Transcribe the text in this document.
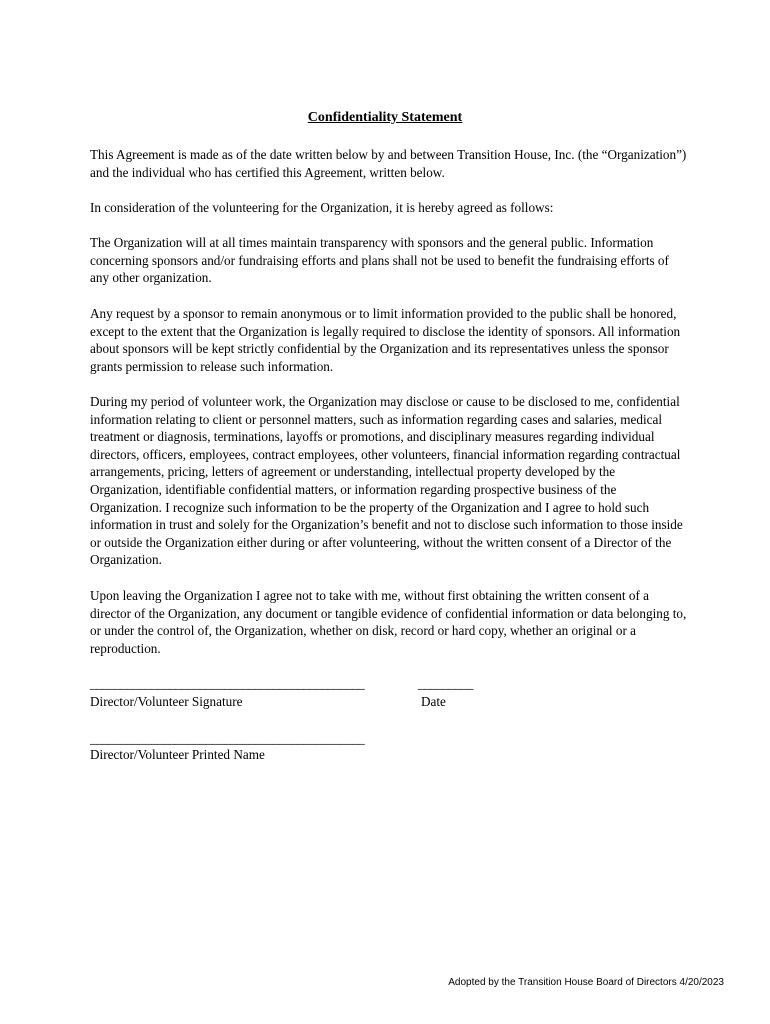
Confidentiality Statement

This Agreement is made as of the date written below by and between Transition House, Inc. (the “Organization”) and the individual who has certified this Agreement, written below.

In consideration of the volunteering for the Organization, it is hereby agreed as follows:

The Organization will at all times maintain transparency with sponsors and the general public. Information concerning sponsors and/or fundraising efforts and plans shall not be used to benefit the fundraising efforts of any other organization.

Any request by a sponsor to remain anonymous or to limit information provided to the public shall be honored, except to the extent that the Organization is legally required to disclose the identity of sponsors. All information about sponsors will be kept strictly confidential by the Organization and its representatives unless the sponsor grants permission to release such information.

During my period of volunteer work, the Organization may disclose or cause to be disclosed to me, confidential information relating to client or personnel matters, such as information regarding cases and salaries, medical treatment or diagnosis, terminations, layoffs or promotions, and disciplinary measures regarding individual directors, officers, employees, contract employees, other volunteers, financial information regarding contractual arrangements, pricing, letters of agreement or understanding, intellectual property developed by the Organization, identifiable confidential matters, or information regarding prospective business of the Organization. I recognize such information to be the property of the Organization and I agree to hold such information in trust and solely for the Organization’s benefit and not to disclose such information to those inside or outside the Organization either during or after volunteering, without the written consent of a Director of the Organization.

Upon leaving the Organization I agree not to take with me, without first obtaining the written consent of a director of the Organization, any document or tangible evidence of confidential information or data belonging to, or under the control of, the Organization, whether on disk, record or hard copy, whether an original or a reproduction.

_____________________________________________	_________
Director/Volunteer Signature	Date
_____________________________________________
Director/Volunteer Printed Name
Adopted by the Transition House Board of Directors 4/20/2023
